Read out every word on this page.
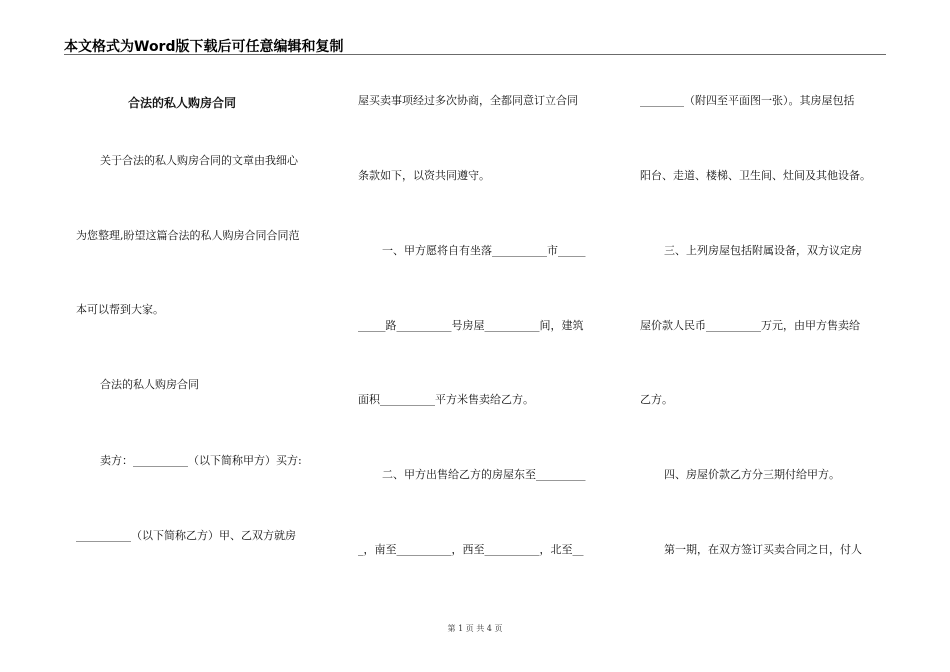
本文格式为Word版下载后可任意编辑和复制
合法的私人购房合同
关于合法的私人购房合同的文章由我细心
为您整理,盼望这篇合法的私人购房合同合同范
本可以帮到大家。
合法的私人购房合同
卖方：__________（以下简称甲方）买方:
__________（以下简称乙方）甲、乙双方就房
屋买卖事项经过多次协商，全都同意订立合同
条款如下，以资共同遵守。
一、甲方愿将自有坐落__________市_____
_____路__________号房屋__________间，建筑
面积__________平方米售卖给乙方。
二、甲方出售给乙方的房屋东至_________
_，南至__________，西至__________，北至__
________（附四至平面图一张）。其房屋包括
阳台、走道、楼梯、卫生间、灶间及其他设备。
三、上列房屋包括附属设备，双方议定房
屋价款人民币__________万元，由甲方售卖给
乙方。
四、房屋价款乙方分三期付给甲方。
第一期，在双方签订买卖合同之日，付人
第 1 页 共 4 页
